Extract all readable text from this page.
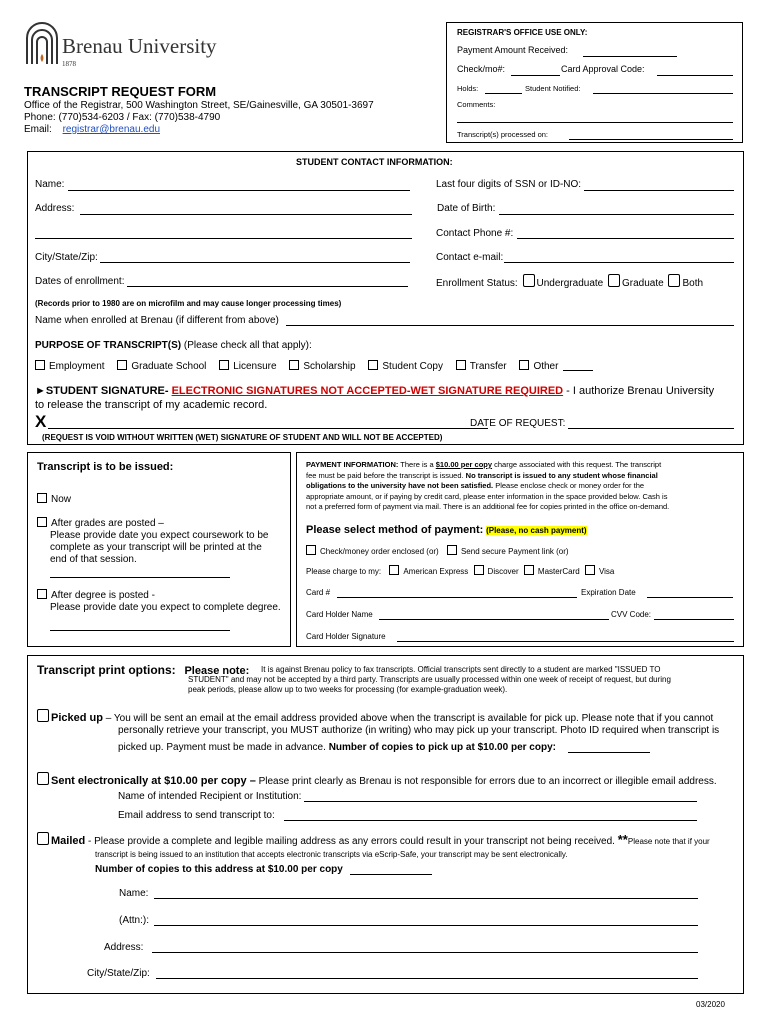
Brenau University
1878
TRANSCRIPT REQUEST FORM
Office of the Registrar, 500 Washington Street, SE/Gainesville, GA 30501-3697
Phone: (770)534-6203 / Fax: (770)538-4790
Email: registrar@brenau.edu
REGISTRAR'S OFFICE USE ONLY:
Payment Amount Received:
Check/mo#:	Card Approval Code:
Holds:	Student Notified:
Comments:
Transcript(s) processed on:
STUDENT CONTACT INFORMATION:
Name:	Last four digits of SSN or ID-NO:
Address:	Date of Birth:
Contact Phone #:
City/State/Zip:	Contact e-mail:
Dates of enrollment:	Enrollment Status: Undergraduate Graduate Both
(Records prior to 1980 are on microfilm and may cause longer processing times)
Name when enrolled at Brenau (if different from above)
PURPOSE OF TRANSCRIPT(S) (Please check all that apply):
Employment	Graduate School	Licensure	Scholarship	Student Copy	Transfer	Other
►STUDENT SIGNATURE- ELECTRONIC SIGNATURES NOT ACCEPTED-WET SIGNATURE REQUIRED - I authorize Brenau University
to release the transcript of my academic record.
X	DATE OF REQUEST:
(REQUEST IS VOID WITHOUT WRITTEN (WET) SIGNATURE OF STUDENT AND WILL NOT BE ACCEPTED)
Transcript is to be issued:
Now
After grades are posted –
Please provide date you expect coursework to be
complete as your transcript will be printed at the
end of that session.
After degree is posted -
Please provide date you expect to complete degree.
PAYMENT INFORMATION: There is a $10.00 per copy charge associated with this request. The transcript
fee must be paid before the transcript is issued. No transcript is issued to any student whose financial
obligations to the university have not been satisfied. Please enclose check or money order for the
appropriate amount, or if paying by credit card, please enter information in the space provided below. Cash is
not a preferred form of payment via mail. There is an additional fee for copies printed in the office on-demand.
Please select method of payment: (Please, no cash payment)
Check/money order enclosed (or)	Send secure Payment link (or)
Please charge to my:	American Express Discover MasterCard Visa
Card #	Expiration Date
Card Holder Name	CVV Code:
Card Holder Signature
Transcript print options: Please note:	It is against Brenau policy to fax transcripts. Official transcripts sent directly to a student are marked "ISSUED TO
STUDENT" and may not be accepted by a third party. Transcripts are usually processed within one week of receipt of request, but during
peak periods, please allow up to two weeks for processing (for example-graduation week).
Picked up – You will be sent an email at the email address provided above when the transcript is available for pick up. Please note that if you cannot
personally retrieve your transcript, you MUST authorize (in writing) who may pick up your transcript. Photo ID required when transcript is
picked up. Payment must be made in advance. Number of copies to pick up at $10.00 per copy:
Sent electronically at $10.00 per copy – Please print clearly as Brenau is not responsible for errors due to an incorrect or illegible email address.
Name of intended Recipient or Institution:
Email address to send transcript to:
Mailed - Please provide a complete and legible mailing address as any errors could result in your transcript not being received. **Please note that if your
transcript is being issued to an institution that accepts electronic transcripts via eScrip-Safe, your transcript may be sent electronically.
Number of copies to this address at $10.00 per copy
Name:
(Attn:):
Address:
City/State/Zip:
03/2020
